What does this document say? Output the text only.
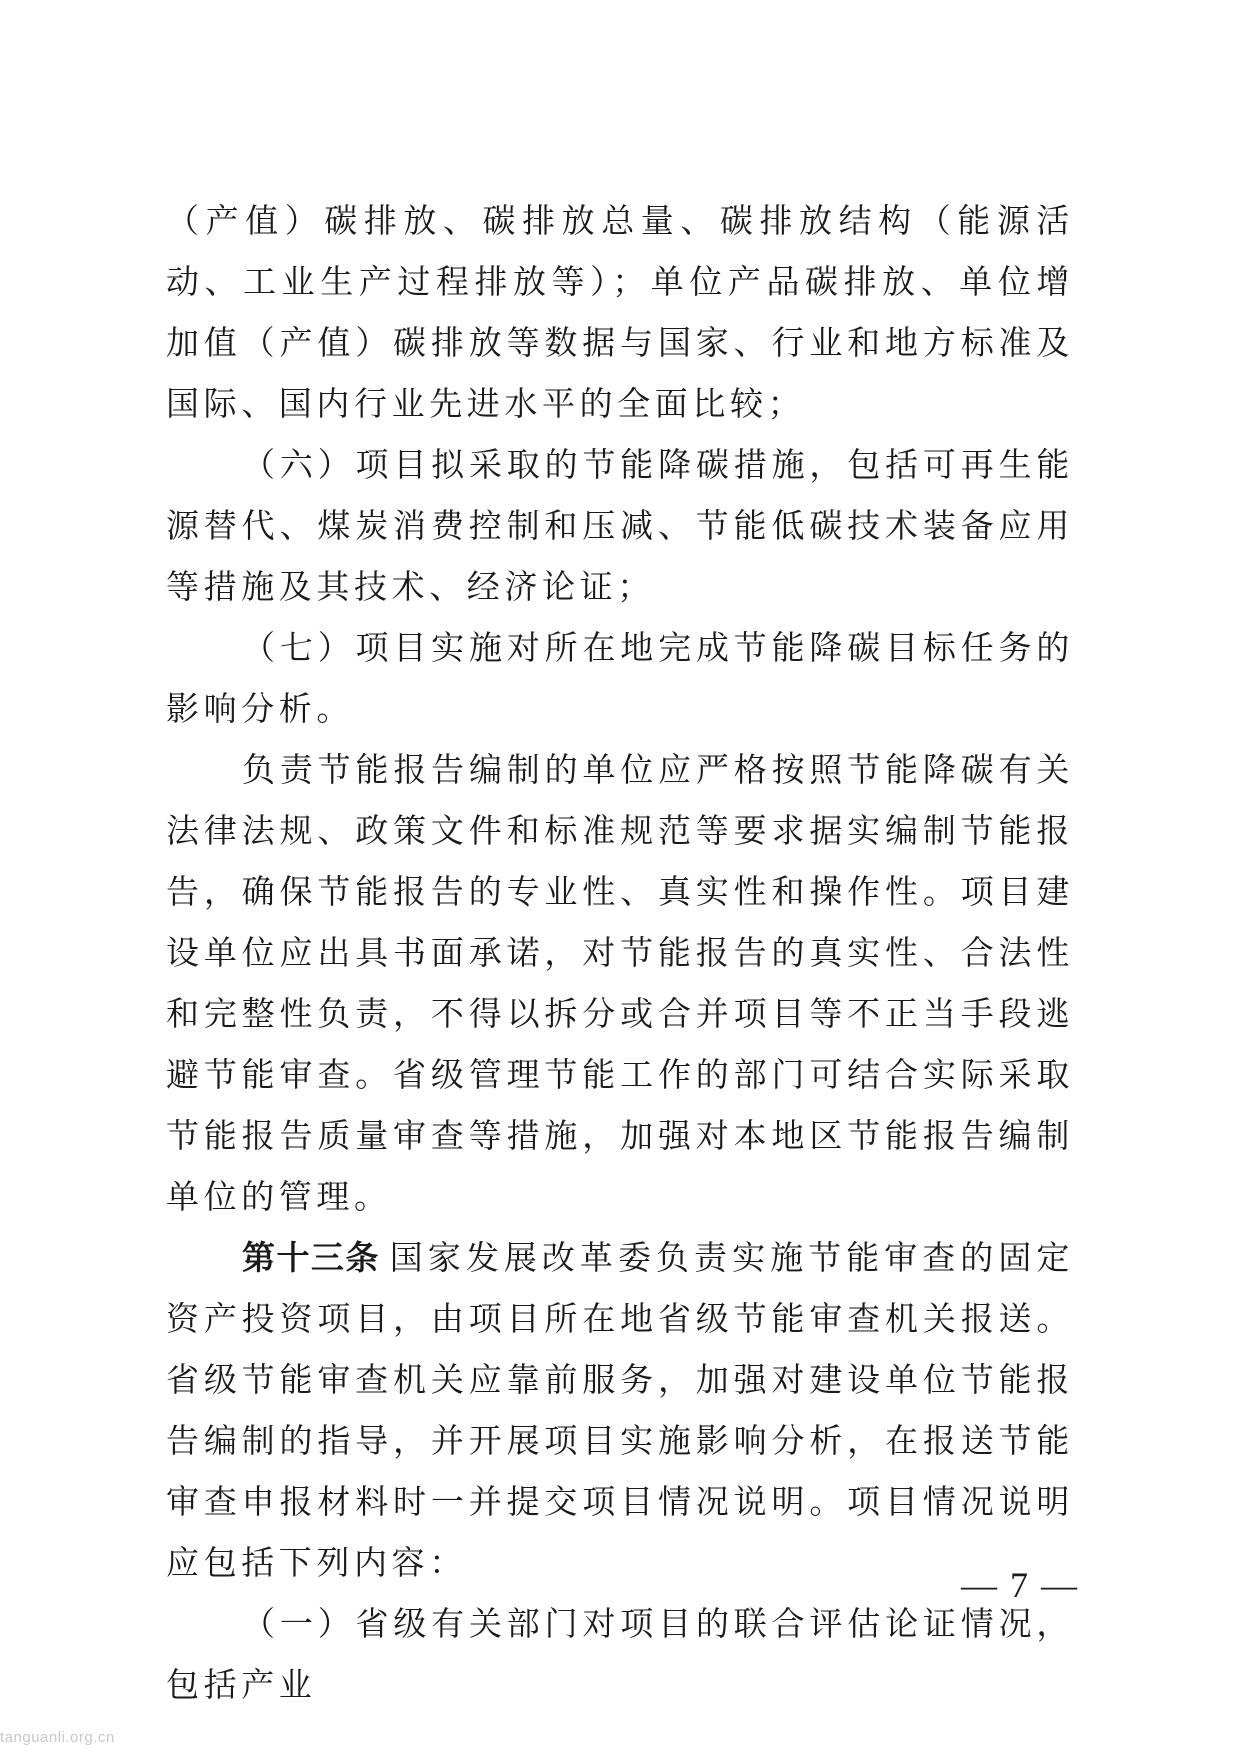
（产值）碳排放、碳排放总量、碳排放结构（能源活动、工业生产过程排放等）；单位产品碳排放、单位增加值（产值）碳排放等数据与国家、行业和地方标准及国际、国内行业先进水平的全面比较；

（六）项目拟采取的节能降碳措施，包括可再生能源替代、煤炭消费控制和压减、节能低碳技术装备应用等措施及其技术、经济论证；

（七）项目实施对所在地完成节能降碳目标任务的影响分析。

负责节能报告编制的单位应严格按照节能降碳有关法律法规、政策文件和标准规范等要求据实编制节能报告，确保节能报告的专业性、真实性和操作性。项目建设单位应出具书面承诺，对节能报告的真实性、合法性和完整性负责，不得以拆分或合并项目等不正当手段逃避节能审查。省级管理节能工作的部门可结合实际采取节能报告质量审查等措施，加强对本地区节能报告编制单位的管理。

第十三条 国家发展改革委负责实施节能审查的固定资产投资项目，由项目所在地省级节能审查机关报送。省级节能审查机关应靠前服务，加强对建设单位节能报告编制的指导，并开展项目实施影响分析，在报送节能审查申报材料时一并提交项目情况说明。项目情况说明应包括下列内容：

（一）省级有关部门对项目的联合评估论证情况，包括产业

— 7 —
tanguanli.org.cn
